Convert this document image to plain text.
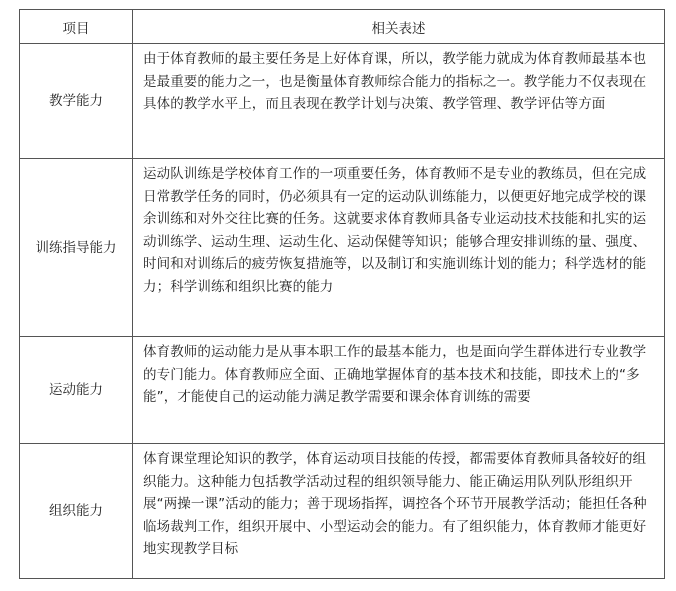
项目	相关表述
教学能力	由于体育教师的最主要任务是上好体育课，所以，教学能力就成为体育教师最基本也是最重要的能力之一，也是衡量体育教师综合能力的指标之一。教学能力不仅表现在具体的教学水平上，而且表现在教学计划与决策、教学管理、教学评估等方面
训练指导能力	运动队训练是学校体育工作的一项重要任务，体育教师不是专业的教练员，但在完成日常教学任务的同时，仍必须具有一定的运动队训练能力，以便更好地完成学校的课余训练和对外交往比赛的任务。这就要求体育教师具备专业运动技术技能和扎实的运动训练学、运动生理、运动生化、运动保健等知识；能够合理安排训练的量、强度、时间和对训练后的疲劳恢复措施等，以及制订和实施训练计划的能力；科学选材的能力；科学训练和组织比赛的能力
运动能力	体育教师的运动能力是从事本职工作的最基本能力，也是面向学生群体进行专业教学的专门能力。体育教师应全面、正确地掌握体育的基本技术和技能，即技术上的“多能”，才能使自己的运动能力满足教学需要和课余体育训练的需要
组织能力	体育课堂理论知识的教学，体育运动项目技能的传授，都需要体育教师具备较好的组织能力。这种能力包括教学活动过程的组织领导能力、能正确运用队列队形组织开展“两操一课”活动的能力；善于现场指挥，调控各个环节开展教学活动；能担任各种临场裁判工作，组织开展中、小型运动会的能力。有了组织能力，体育教师才能更好地实现教学目标
